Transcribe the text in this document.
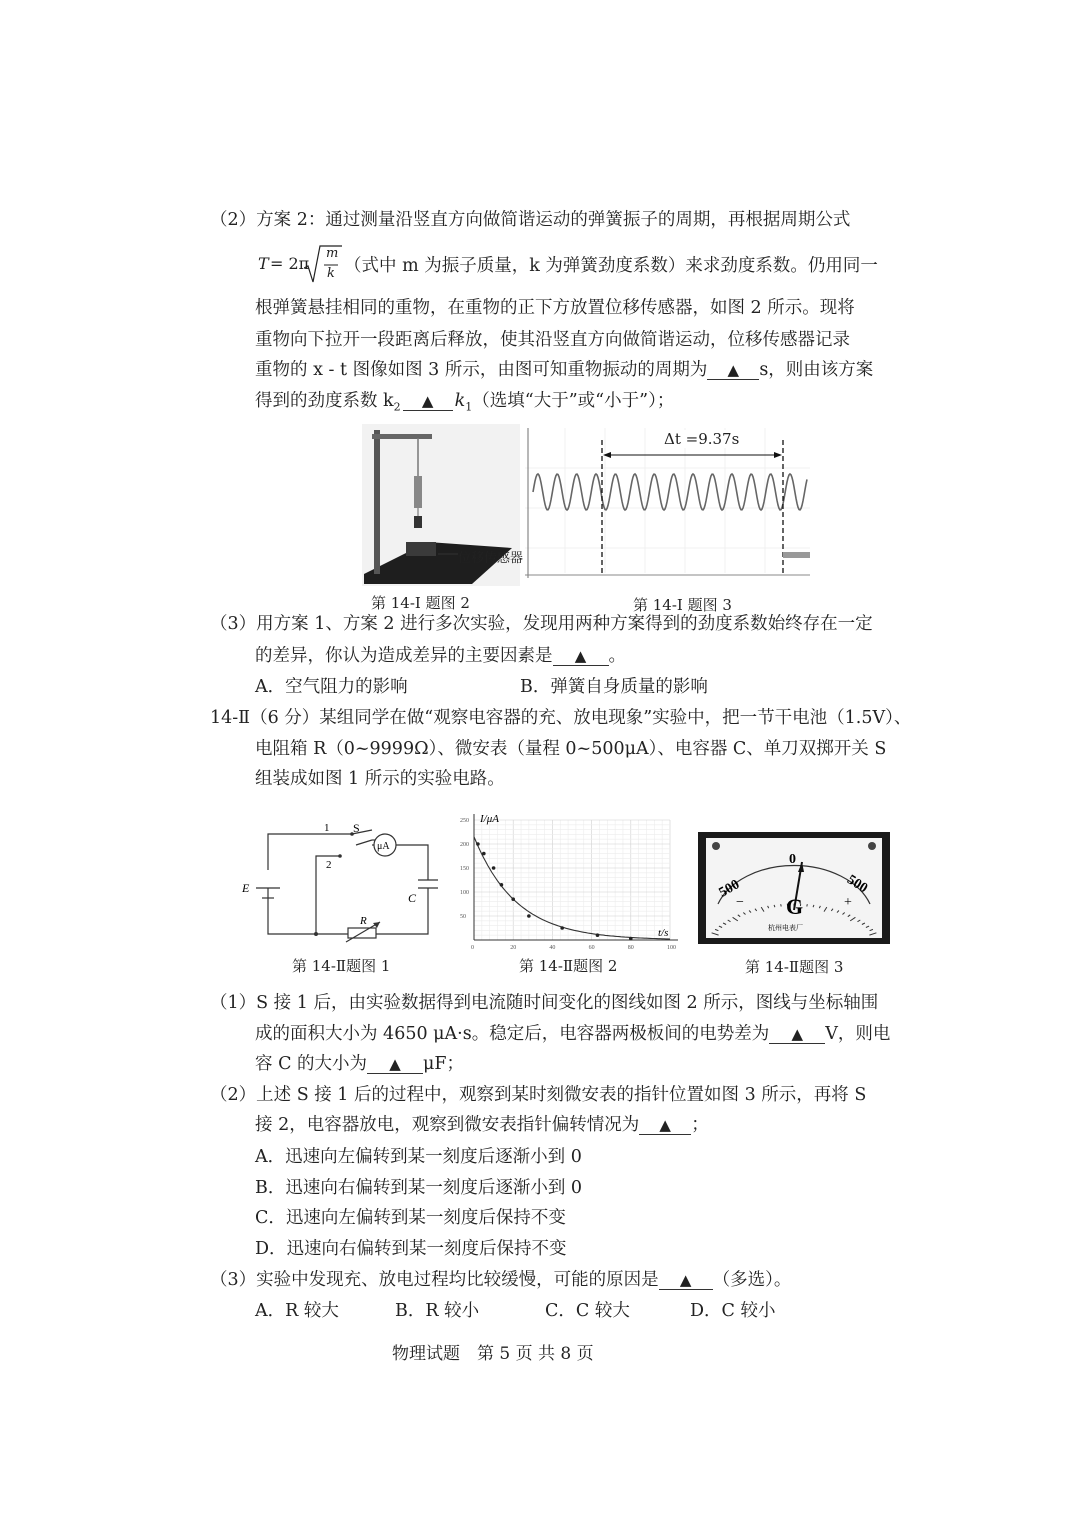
（2）方案 2：通过测量沿竖直方向做简谐运动的弹簧振子的周期，再根据周期公式
T = 2π
m
k （式中 m 为振子质量，k 为弹簧劲度系数）来求劲度系数。仍用同一
根弹簧悬挂相同的重物，在重物的正下方放置位移传感器，如图 2 所示。现将
重物向下拉开一段距离后释放，使其沿竖直方向做简谐运动，位移传感器记录
重物的 x - t 图像如图 3 所示，由图可知重物振动的周期为 ▲ s，则由该方案
得到的劲度系数 $k_2$ ▲ $k_1$（选填“大于”或“小于”）；
位移传感器
第 14-I 题图 2
Δt =9.37s
第 14-I 题图 3
（3）用方案 1、方案 2 进行多次实验，发现用两种方案得到的劲度系数始终存在一定
的差异，你认为造成差异的主要因素是 ▲ 。
A．空气阻力的影响	B．弹簧自身质量的影响
14-Ⅱ（6 分）某组同学在做“观察电容器的充、放电现象”实验中，把一节干电池（1.5V）、
电阻箱 R（0~9999Ω）、微安表（量程 0~500μA）、电容器 C、单刀双掷开关 S
组装成如图 1 所示的实验电路。
E
S
1
2
μA
C
R
第 14-Ⅱ题图 1
0	20	40	60	80	100
50
100
150
200
250
t/s
I/μA
第 14-Ⅱ题图 2
500	500
0
G
−	+
杭州电表厂
第 14-Ⅱ题图 3
（1）S 接 1 后，由实验数据得到电流随时间变化的图线如图 2 所示，图线与坐标轴围
成的面积大小为 4650 μA·s。稳定后，电容器两极板间的电势差为 ▲ V，则电
容 C 的大小为 ▲ μF；
（2）上述 S 接 1 后的过程中，观察到某时刻微安表的指针位置如图 3 所示，再将 S
接 2，电容器放电，观察到微安表指针偏转情况为 ▲ ；
A．迅速向左偏转到某一刻度后逐渐小到 0
B．迅速向右偏转到某一刻度后逐渐小到 0
C．迅速向左偏转到某一刻度后保持不变
D．迅速向右偏转到某一刻度后保持不变
（3）实验中发现充、放电过程均比较缓慢，可能的原因是 ▲ （多选）。
A．R 较大	B．R 较小	C．C 较大	D．C 较小
物理试题　第 5 页 共 8 页
